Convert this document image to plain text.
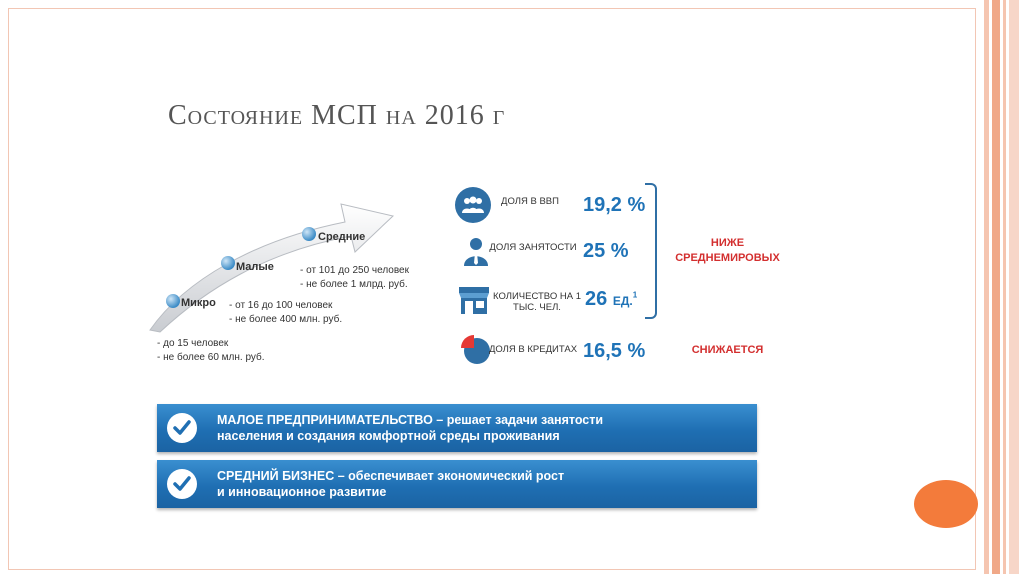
Состояние МСП на 2016 г
Микро
- до 15 человек
- не более 60 млн. руб.
Малые
- от 16 до 100 человек
- не более 400 млн. руб.
Средние
- от 101 до 250 человек
- не более 1 млрд. руб.
ДОЛЯ В ВВП	19,2 %
ДОЛЯ ЗАНЯТОСТИ 25 %
КОЛИЧЕСТВО НА 1 ТЫС. ЧЕЛ.	26 ЕД.$^1$
ДОЛЯ В КРЕДИТАХ 16,5 %
НИЖЕ
СРЕДНЕМИРОВЫХ
СНИЖАЕТСЯ
МАЛОЕ ПРЕДПРИНИМАТЕЛЬСТВО – решает задачи занятости
населения и создания комфортной среды проживания
СРЕДНИЙ БИЗНЕС – обеспечивает экономический рост
и инновационное развитие
